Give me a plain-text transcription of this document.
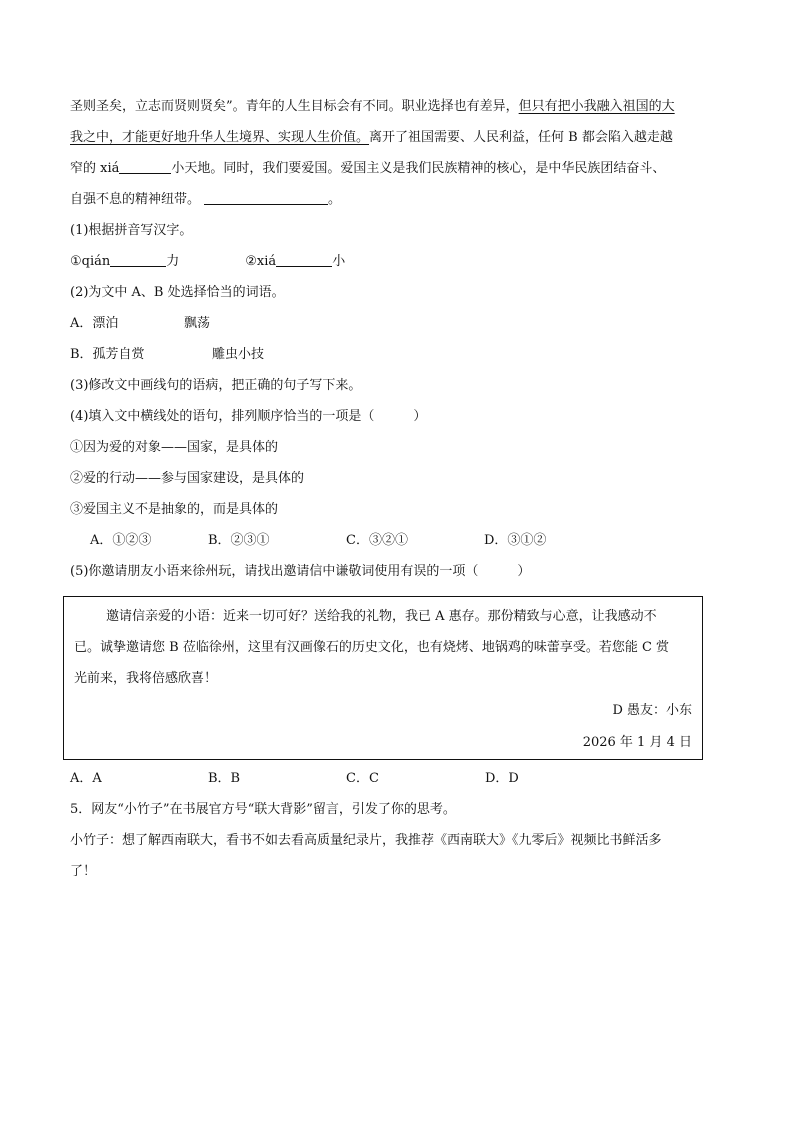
圣则圣矣，立志而贤则贤矣”。青年的人生目标会有不同。职业选择也有差异，但只有把小我融入祖国的大

我之中，才能更好地升华人生境界、实现人生价值。离开了祖国需要、人民利益，任何 B 都会陷入越走越

窄的 xiá	小天地。同时，我们要爱国。爱国主义是我们民族精神的核心，是中华民族团结奋斗、

自强不息的精神纽带。	。

(1)根据拼音写汉字。

①qián	力	②xiá	小

(2)为文中 A、B 处选择恰当的词语。

A．漂泊	飘荡

B．孤芳自赏	雕虫小技

(3)修改文中画线句的语病，把正确的句子写下来。

(4)填入文中横线处的语句，排列顺序恰当的一项是（　　　）

①因为爱的对象——国家，是具体的

②爱的行动——参与国家建设，是具体的

③爱国主义不是抽象的，而是具体的

A．①②③	B．②③①	C．③②①	D．③①②

(5)你邀请朋友小语来徐州玩，请找出邀请信中谦敬词使用有误的一项（　　　）

邀请信亲爱的小语：近来一切可好？送给我的礼物，我已 A 惠存。那份精致与心意，让我感动不
已。诚挚邀请您 B 莅临徐州，这里有汉画像石的历史文化，也有烧烤、地锅鸡的味蕾享受。若您能 C 赏
光前来，我将倍感欣喜！
D 愚友：小东
2026 年 1 月 4 日

A．A	B．B	C．C	D．D

5．网友“小竹子”在书展官方号“联大背影”留言，引发了你的思考。

小竹子：想了解西南联大，看书不如去看高质量纪录片，我推荐《西南联大》《九零后》视频比书鲜活多

了！
